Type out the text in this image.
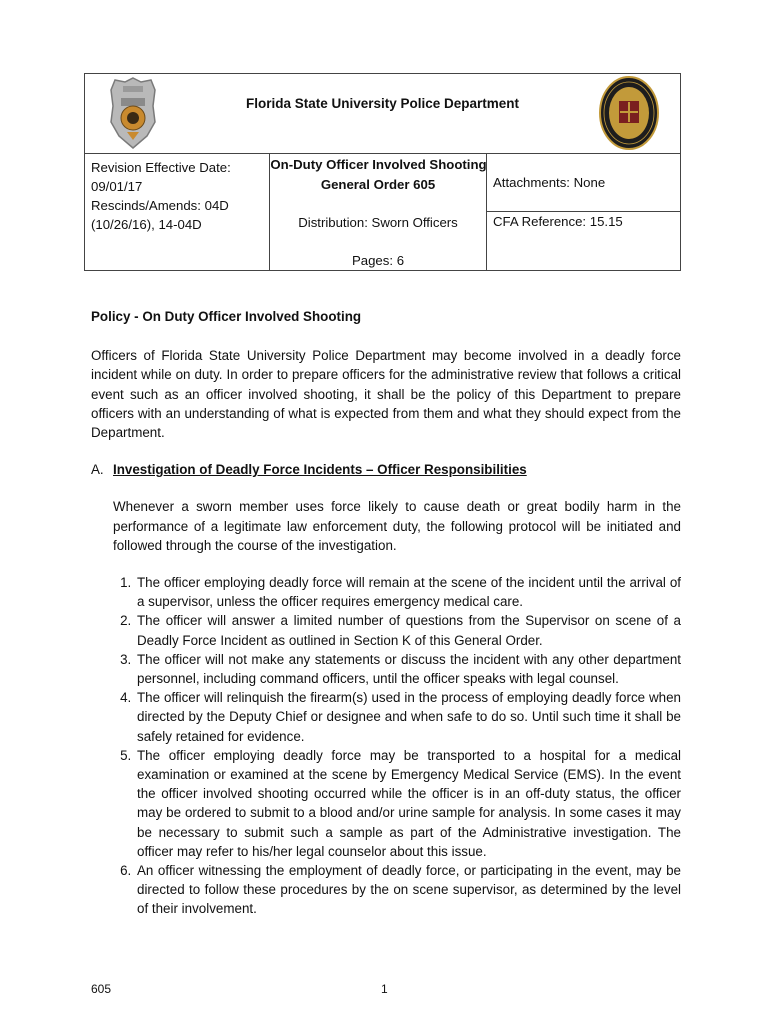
Florida State University Police Department

Revision Effective Date:
09/01/17
Rescinds/Amends: 04D
(10/26/16), 14-04D

On-Duty Officer Involved Shooting
General Order 605
Distribution: Sworn Officers
Pages: 6

Attachments: None
CFA Reference: 15.15
Policy - On Duty Officer Involved Shooting

Officers of Florida State University Police Department may become involved in a deadly force incident while on duty. In order to prepare officers for the administrative review that follows a critical event such as an officer involved shooting, it shall be the policy of this Department to prepare officers with an understanding of what is expected from them and what they should expect from the Department.

A. Investigation of Deadly Force Incidents – Officer Responsibilities

Whenever a sworn member uses force likely to cause death or great bodily harm in the performance of a legitimate law enforcement duty, the following protocol will be initiated and followed through the course of the investigation.

1. The officer employing deadly force will remain at the scene of the incident until the arrival of a supervisor, unless the officer requires emergency medical care.
2. The officer will answer a limited number of questions from the Supervisor on scene of a Deadly Force Incident as outlined in Section K of this General Order.
3. The officer will not make any statements or discuss the incident with any other department personnel, including command officers, until the officer speaks with legal counsel.
4. The officer will relinquish the firearm(s) used in the process of employing deadly force when directed by the Deputy Chief or designee and when safe to do so. Until such time it shall be safely retained for evidence.
5. The officer employing deadly force may be transported to a hospital for a medical examination or examined at the scene by Emergency Medical Service (EMS). In the event the officer involved shooting occurred while the officer is in an off-duty status, the officer may be ordered to submit to a blood and/or urine sample for analysis. In some cases it may be necessary to submit such a sample as part of the Administrative investigation. The officer may refer to his/her legal counselor about this issue.
6. An officer witnessing the employment of deadly force, or participating in the event, may be directed to follow these procedures by the on scene supervisor, as determined by the level of their involvement.
605	1
